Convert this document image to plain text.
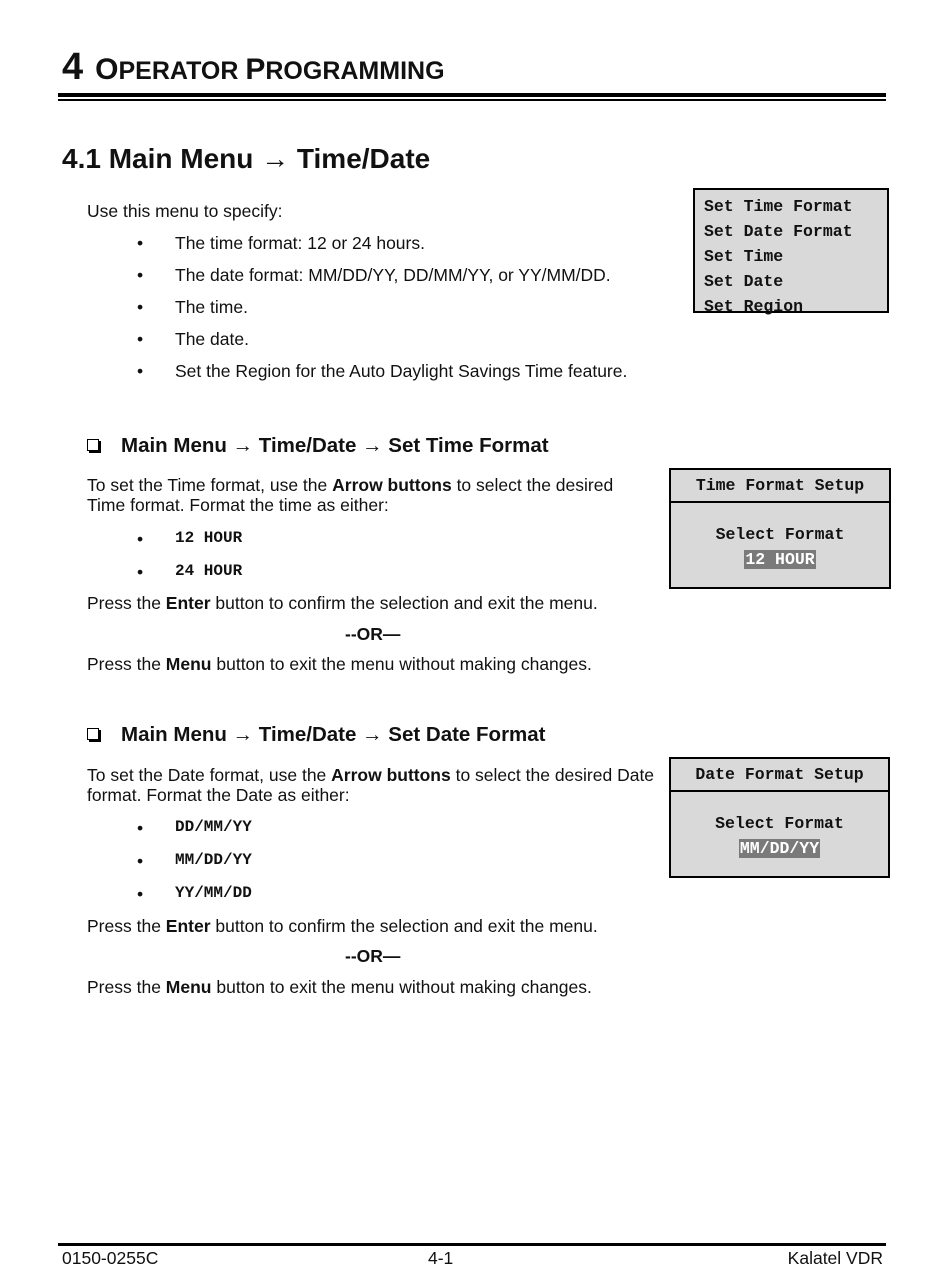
4 OPERATOR PROGRAMMING
4.1 Main Menu → Time/Date
Use this menu to specify:
• The time format: 12 or 24 hours.
• The date format: MM/DD/YY, DD/MM/YY, or YY/MM/DD.
• The time.
• The date.
• Set the Region for the Auto Daylight Savings Time feature.
Set Time Format
Set Date Format
Set Time
Set Date
Set Region
Main Menu → Time/Date → Set Time Format
To set the Time format, use the Arrow buttons to select the desired Time format. Format the time as either:
• 12 HOUR
• 24 HOUR
Press the Enter button to confirm the selection and exit the menu.
--OR—
Press the Menu button to exit the menu without making changes.
Time Format Setup
Select Format
12 HOUR
Main Menu → Time/Date → Set Date Format
To set the Date format, use the Arrow buttons to select the desired Date format. Format the Date as either:
• DD/MM/YY
• MM/DD/YY
• YY/MM/DD
Press the Enter button to confirm the selection and exit the menu.
--OR—
Press the Menu button to exit the menu without making changes.
Date Format Setup
Select Format
MM/DD/YY
0150-0255C	4-1	Kalatel VDR
